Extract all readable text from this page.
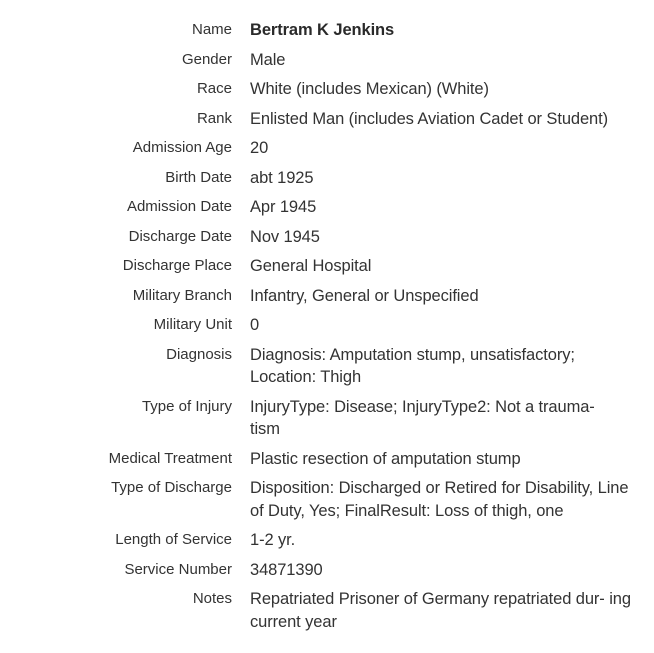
Name Bertram K Jenkins
Gender Male
Race White (includes Mexican) (White)
Rank Enlisted Man (includes Aviation Cadet or Student)
Admission Age 20
Birth Date abt 1925
Admission Date Apr 1945
Discharge Date Nov 1945
Discharge Place General Hospital
Military Branch Infantry, General or Unspecified
Military Unit 0
Diagnosis Diagnosis: Amputation stump, unsatisfactory; Location: Thigh
Type of Injury InjuryType: Disease; InjuryType2: Not a trauma- tism
Medical Treatment Plastic resection of amputation stump
Type of Discharge Disposition: Discharged or Retired for Disability, Line of Duty, Yes; FinalResult: Loss of thigh, one
Length of Service 1-2 yr.
Service Number 34871390
Notes Repatriated Prisoner of Germany repatriated dur- ing current year
